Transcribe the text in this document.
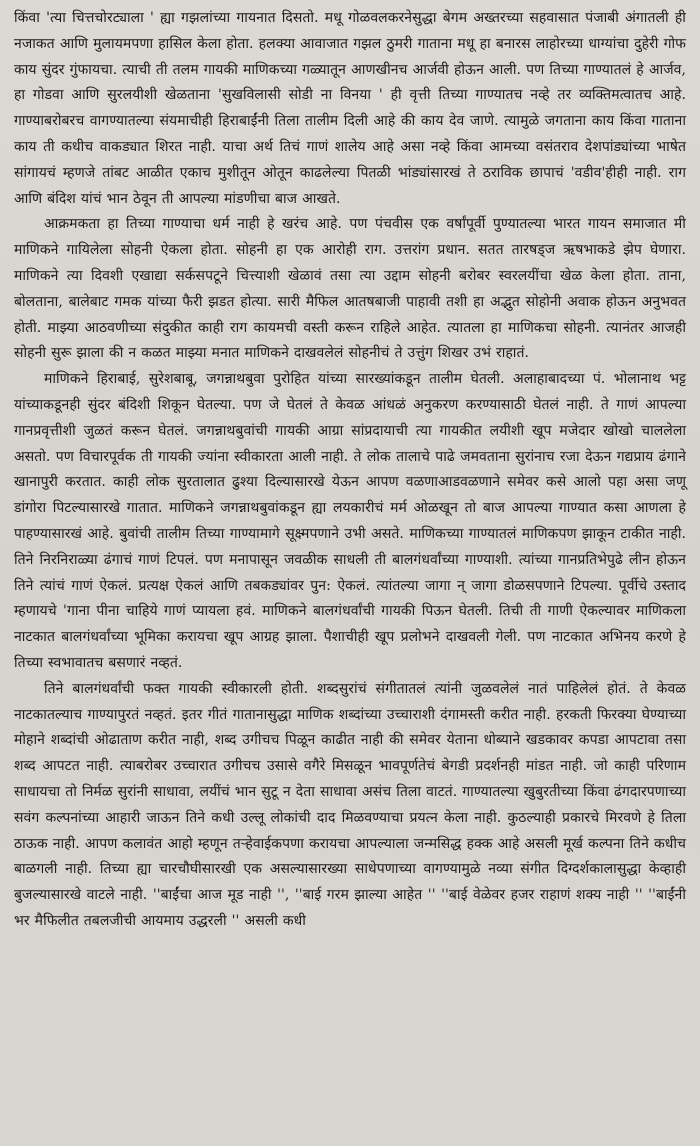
किंवा 'त्या चित्तचोरट्याला ' ह्या गझलांच्या गायनात दिसतो. मधू गोळवलकरनेसुद्धा बेगम अख्तरच्या सहवासात पंजाबी अंगातली ही नजाकत आणि मुलायमपणा हासिल केला होता. हलक्या आवाजात गझल ठुमरी गाताना मधू हा बनारस लाहोरच्या धाग्यांचा दुहेरी गोफ काय सुंदर गुंफायचा. त्याची ती तलम गायकी माणिकच्या गळ्यातून आणखीनच आर्जवी होऊन आली. पण तिच्या गाण्यातलं हे आर्जव, हा गोडवा आणि सुरलयीशी खेळताना 'सुखविलासी सोडी ना विनया ' ही वृत्ती तिच्या गाण्यातच नव्हे तर व्यक्तिमत्वातच आहे. गाण्याबरोबरच वागण्यातल्या संयमाचीही हिराबाईंनी तिला तालीम दिली आहे की काय देव जाणे. त्यामुळे जगताना काय किंवा गाताना काय ती कधीच वाकड्यात शिरत नाही. याचा अर्थ तिचं गाणं शालेय आहे असा नव्हे किंवा आमच्या वसंतराव देशपांड्यांच्या भाषेत सांगायचं म्हणजे तांबट आळीत एकाच मुशीतून ओतून काढलेल्या पितळी भांड्यांसारखं ते ठराविक छापाचं 'वडीव'हीही नाही. राग आणि बंदिश यांचं भान ठेवून ती आपल्या मांडणीचा बाज आखते.

आक्रमकता हा तिच्या गाण्याचा धर्म नाही हे खरंच आहे. पण पंचवीस एक वर्षांपूर्वी पुण्यातल्या भारत गायन समाजात मी माणिकने गायिलेला सोहनी ऐकला होता. सोहनी हा एक आरोही राग. उत्तरांग प्रधान. सतत तारषड्ज ऋषभाकडे झेप घेणारा. माणिकने त्या दिवशी एखाद्या सर्कसपटूने चित्त्याशी खेळावं तसा त्या उद्दाम सोहनी बरोबर स्वरलयींचा खेळ केला होता. ताना, बोलताना, बालेबाट गमक यांच्या फैरी झडत होत्या. सारी मैफिल आतषबाजी पाहावी तशी हा अद्भुत सोहोनी अवाक होऊन अनुभवत होती. माझ्या आठवणीच्या संदुकीत काही राग कायमची वस्ती करून राहिले आहेत. त्यातला हा माणिकचा सोहनी. त्यानंतर आजही सोहनी सुरू झाला की न कळत माझ्या मनात माणिकने दाखवलेलं सोहनीचं ते उत्तुंग शिखर उभं राहातं.

माणिकने हिराबाई, सुरेशबाबू, जगन्नाथबुवा पुरोहित यांच्या सारख्यांकडून तालीम घेतली. अलाहाबादच्या पं. भोलानाथ भट्ट यांच्याकडूनही सुंदर बंदिशी शिकून घेतल्या. पण जे घेतलं ते केवळ आंधळं अनुकरण करण्यासाठी घेतलं नाही. ते गाणं आपल्या गानप्रवृत्तीशी जुळतं करून घेतलं. जगन्नाथबुवांची गायकी आग्रा सांप्रदायाची त्या गायकीत लयीशी खूप मजेदार खोखो चाललेला असतो. पण विचारपूर्वक ती गायकी ज्यांना स्वीकारता आली नाही. ते लोक तालाचे पाढे जमवताना सुरांनाच रजा देऊन गद्यप्राय ढंगाने खानापुरी करतात. काही लोक सुरतालात ढुश्या दिल्यासारखे येऊन आपण वळणाआडवळणाने समेवर कसे आलो पहा असा जणू डांगोरा पिटल्यासारखे गातात. माणिकने जगन्नाथबुवांकडून ह्या लयकारीचं मर्म ओळखून तो बाज आपल्या गाण्यात कसा आणला हे पाहण्यासारखं आहे. बुवांची तालीम तिच्या गाण्यामागे सूक्ष्मपणाने उभी असते. माणिकच्या गाण्यातलं माणिकपण झाकून टाकीत नाही. तिने निरनिराळ्या ढंगाचं गाणं टिपलं. पण मनापासून जवळीक साधली ती बालगंधर्वांच्या गाण्याशी. त्यांच्या गानप्रतिभेपुढे लीन होऊन तिने त्यांचं गाणं ऐकलं. प्रत्यक्ष ऐकलं आणि तबकड्यांवर पुन: ऐकलं. त्यांतल्या जागा न् जागा डोळसपणाने टिपल्या. पूर्वीचे उस्ताद म्हणायचे 'गाना पीना चाहिये गाणं प्यायला हवं. माणिकने बालगंधर्वांची गायकी पिऊन घेतली. तिची ती गाणी ऐकल्यावर माणिकला नाटकात बालगंधर्वांच्या भूमिका करायचा खूप आग्रह झाला. पैशाचीही खूप प्रलोभने दाखवली गेली. पण नाटकात अभिनय करणे हे तिच्या स्वभावातच बसणारं नव्हतं.

तिने बालगंधर्वांची फक्त गायकी स्वीकारली होती. शब्दसुरांचं संगीतातलं त्यांनी जुळवलेलं नातं पाहिलेलं होतं. ते केवळ नाटकातल्याच गाण्यापुरतं नव्हतं. इतर गीतं गातानासुद्धा माणिक शब्दांच्या उच्चाराशी दंगामस्ती करीत नाही. हरकती फिरक्या घेण्याच्या मोहाने शब्दांची ओढाताण करीत नाही, शब्द उगीचच पिळून काढीत नाही की समेवर येताना धोब्याने खडकावर कपडा आपटावा तसा शब्द आपटत नाही. त्याबरोबर उच्चारात उगीचच उसासे वगैरे मिसळून भावपूर्णतेचं बेगडी प्रदर्शनही मांडत नाही. जो काही परिणाम साधायचा तो निर्मळ सुरांनी साधावा, लयींचं भान सुटू न देता साधावा असंच तिला वाटतं. गाण्यातल्या खुबुरतीच्या किंवा ढंगदारपणाच्या सवंग कल्पनांच्या आहारी जाऊन तिने कधी उल्लू लोकांची दाद मिळवण्याचा प्रयत्न केला नाही. कुठल्याही प्रकारचे मिरवणे हे तिला ठाऊक नाही. आपण कलावंत आहो म्हणून तऱ्हेवाईकपणा करायचा आपल्याला जन्मसिद्ध हक्क आहे असली मूर्ख कल्पना तिने कधीच बाळगली नाही. तिच्या ह्या चारचौघीसारखी एक असल्यासारख्या साधेपणाच्या वागण्यामुळे नव्या संगीत दिग्दर्शकालासुद्धा केव्हाही बुजल्यासारखे वाटले नाही. ''बाईंचा आज मूड नाही '', ''बाई गरम झाल्या आहेत '' ''बाई वेळेवर हजर राहाणं शक्य नाही '' ''बाईंनी भर मैफिलीत तबलजीची आयमाय उद्धरली '' असली कधी
